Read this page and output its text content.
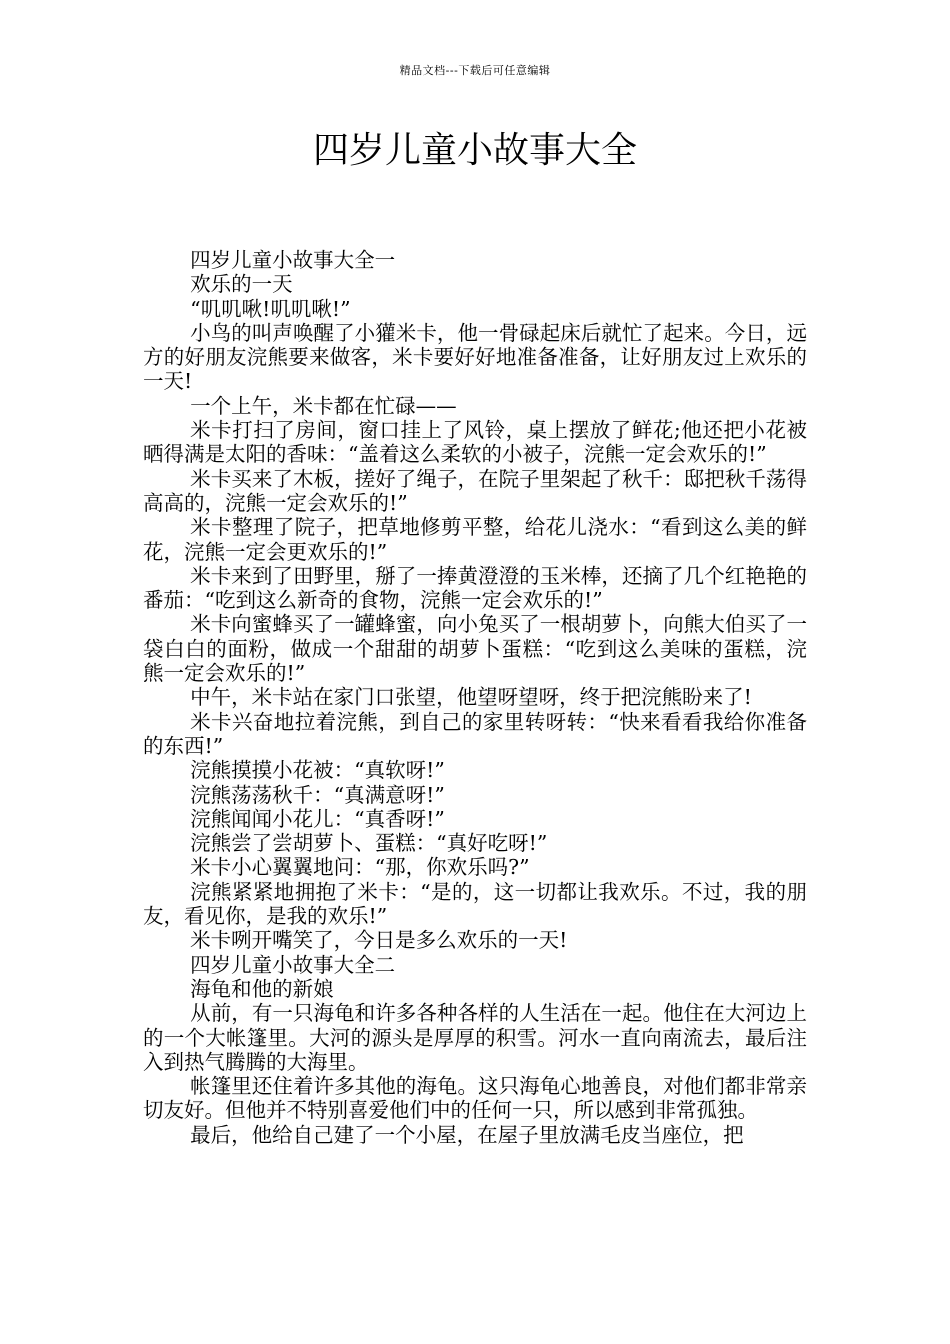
精品文档---下载后可任意编辑
四岁儿童小故事大全

四岁儿童小故事大全一

欢乐的一天

“叽叽啾!叽叽啾!”

小鸟的叫声唤醒了小獾米卡，他一骨碌起床后就忙了起来。今日，远方的好朋友浣熊要来做客，米卡要好好地准备准备，让好朋友过上欢乐的一天!

一个上午，米卡都在忙碌——

米卡打扫了房间，窗口挂上了风铃，桌上摆放了鲜花;他还把小花被晒得满是太阳的香味：“盖着这么柔软的小被子，浣熊一定会欢乐的!”

米卡买来了木板，搓好了绳子，在院子里架起了秋千：邸把秋千荡得高高的，浣熊一定会欢乐的!”

米卡整理了院子，把草地修剪平整，给花儿浇水：“看到这么美的鲜花，浣熊一定会更欢乐的!”

米卡来到了田野里，掰了一捧黄澄澄的玉米棒，还摘了几个红艳艳的番茄：“吃到这么新奇的食物，浣熊一定会欢乐的!”

米卡向蜜蜂买了一罐蜂蜜，向小兔买了一根胡萝卜，向熊大伯买了一袋白白的面粉，做成一个甜甜的胡萝卜蛋糕：“吃到这么美味的蛋糕，浣熊一定会欢乐的!”

中午，米卡站在家门口张望，他望呀望呀，终于把浣熊盼来了!

米卡兴奋地拉着浣熊，到自己的家里转呀转：“快来看看我给你准备的东西!”

浣熊摸摸小花被：“真软呀!”

浣熊荡荡秋千：“真满意呀!”

浣熊闻闻小花儿：“真香呀!”

浣熊尝了尝胡萝卜、蛋糕：“真好吃呀!”

米卡小心翼翼地问：“那，你欢乐吗?”

浣熊紧紧地拥抱了米卡：“是的，这一切都让我欢乐。不过，我的朋友，看见你，是我的欢乐!”

米卡咧开嘴笑了，今日是多么欢乐的一天!

四岁儿童小故事大全二

海龟和他的新娘

从前，有一只海龟和许多各种各样的人生活在一起。他住在大河边上的一个大帐篷里。大河的源头是厚厚的积雪。河水一直向南流去，最后注入到热气腾腾的大海里。

帐篷里还住着许多其他的海龟。这只海龟心地善良，对他们都非常亲切友好。但他并不特别喜爱他们中的任何一只，所以感到非常孤独。

最后，他给自己建了一个小屋，在屋子里放满毛皮当座位，把
